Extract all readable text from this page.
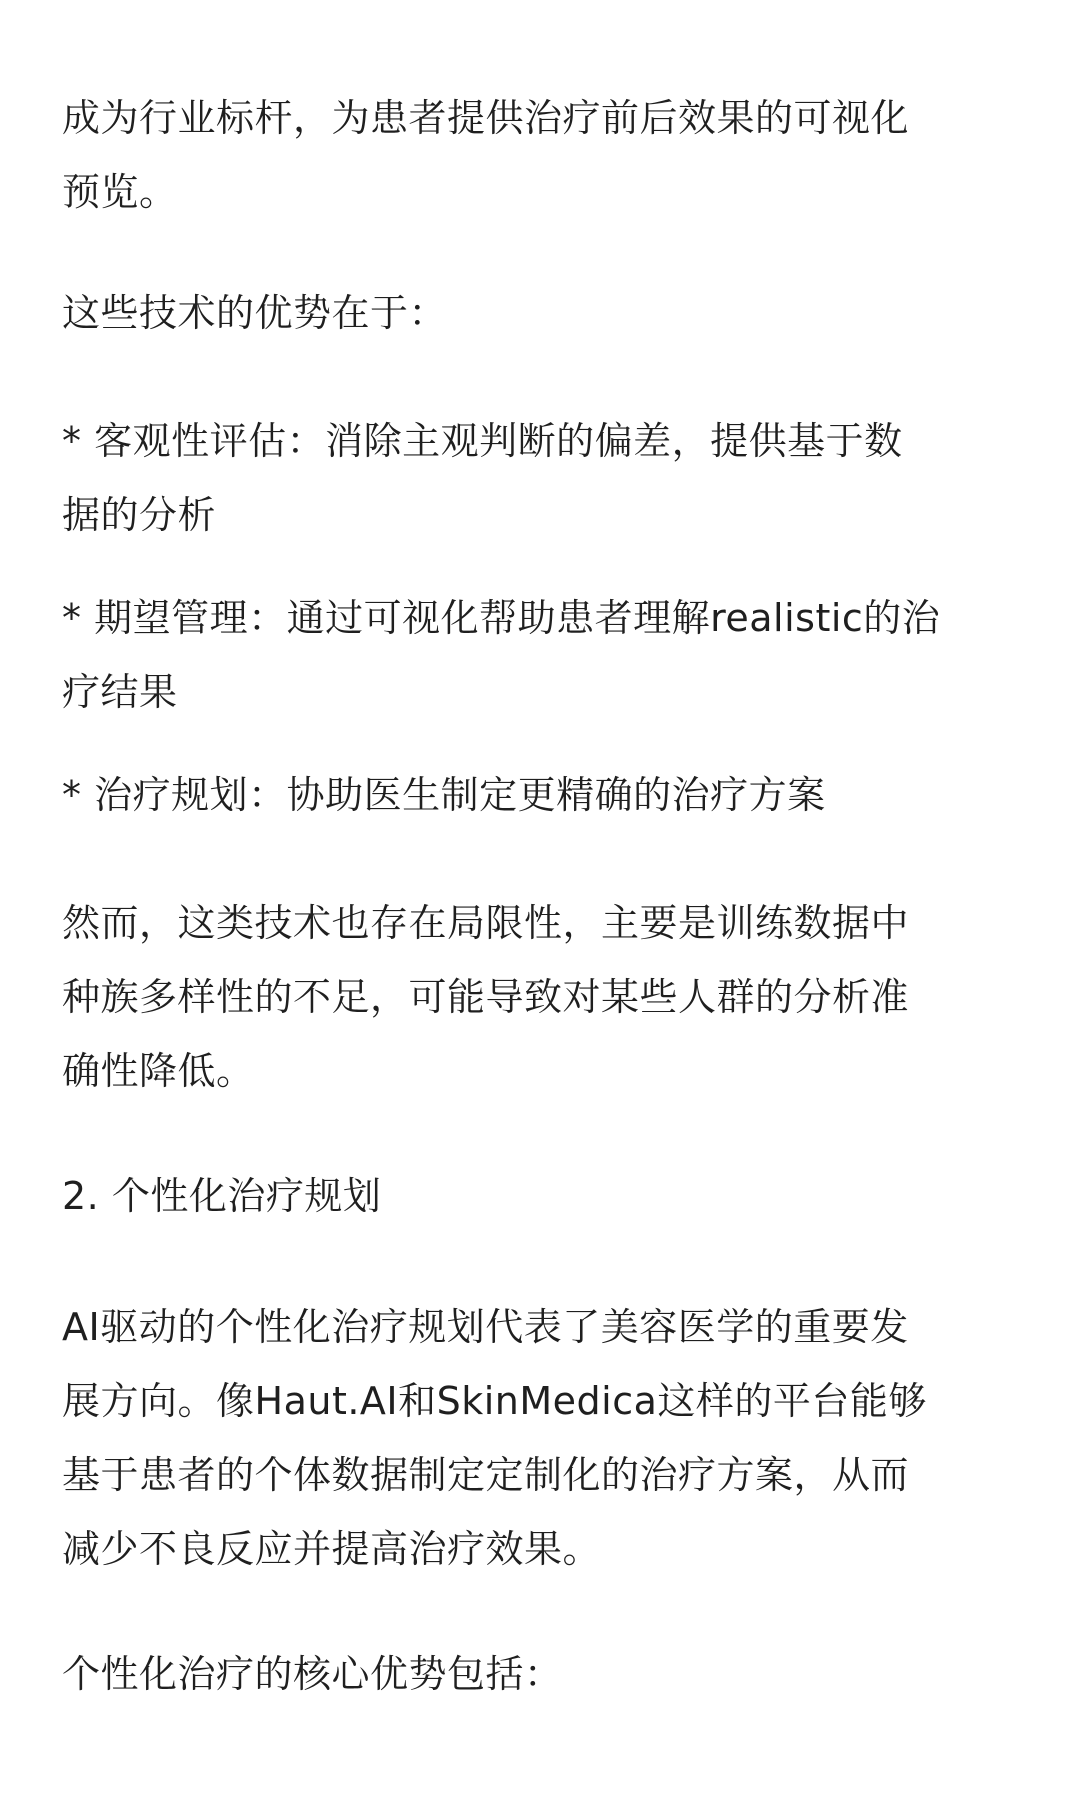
成为行业标杆，为患者提供治疗前后效果的可视化
预览。
这些技术的优势在于：
* 客观性评估：消除主观判断的偏差，提供基于数
据的分析
* 期望管理：通过可视化帮助患者理解realistic的治
疗结果
* 治疗规划：协助医生制定更精确的治疗方案
然而，这类技术也存在局限性，主要是训练数据中
种族多样性的不足，可能导致对某些人群的分析准
确性降低。
2. 个性化治疗规划
AI驱动的个性化治疗规划代表了美容医学的重要发
展方向。像Haut.AI和SkinMedica这样的平台能够
基于患者的个体数据制定定制化的治疗方案，从而
减少不良反应并提高治疗效果。
个性化治疗的核心优势包括：
